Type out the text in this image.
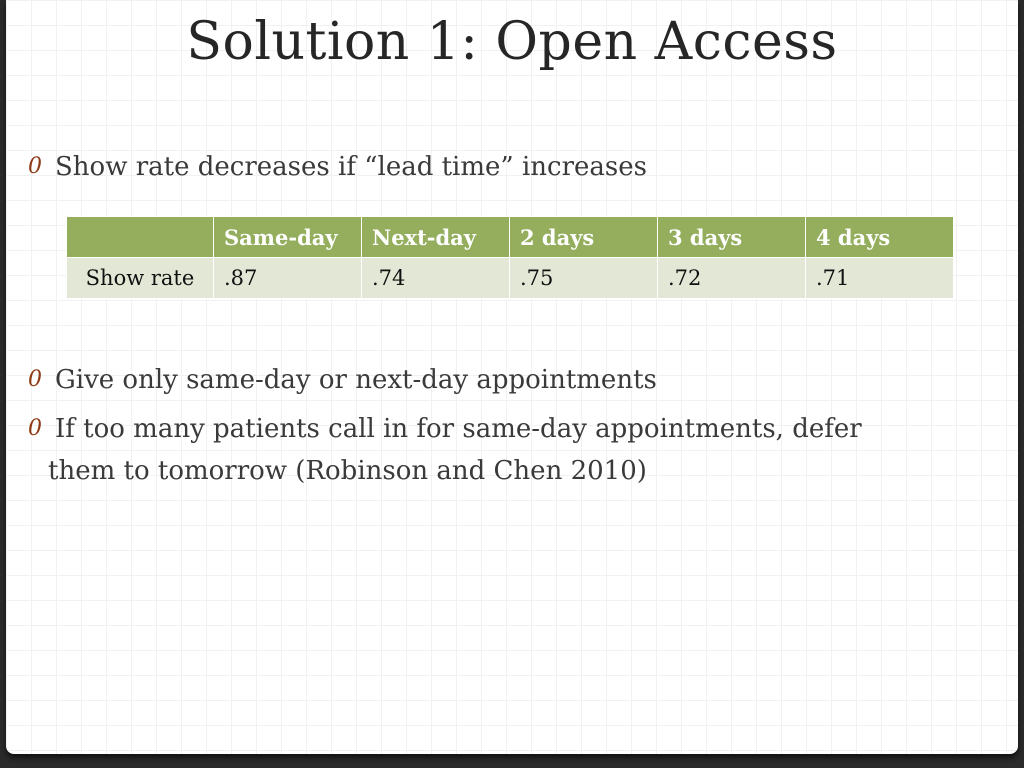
Solution 1: Open Access
0 Show rate decreases if “lead time” increases
	Same-day	Next-day	2 days	3 days	4 days
Show rate	.87	.74	.75	.72	.71
0 Give only same-day or next-day appointments
0 If too many patients call in for same-day appointments, defer
them to tomorrow (Robinson and Chen 2010)
